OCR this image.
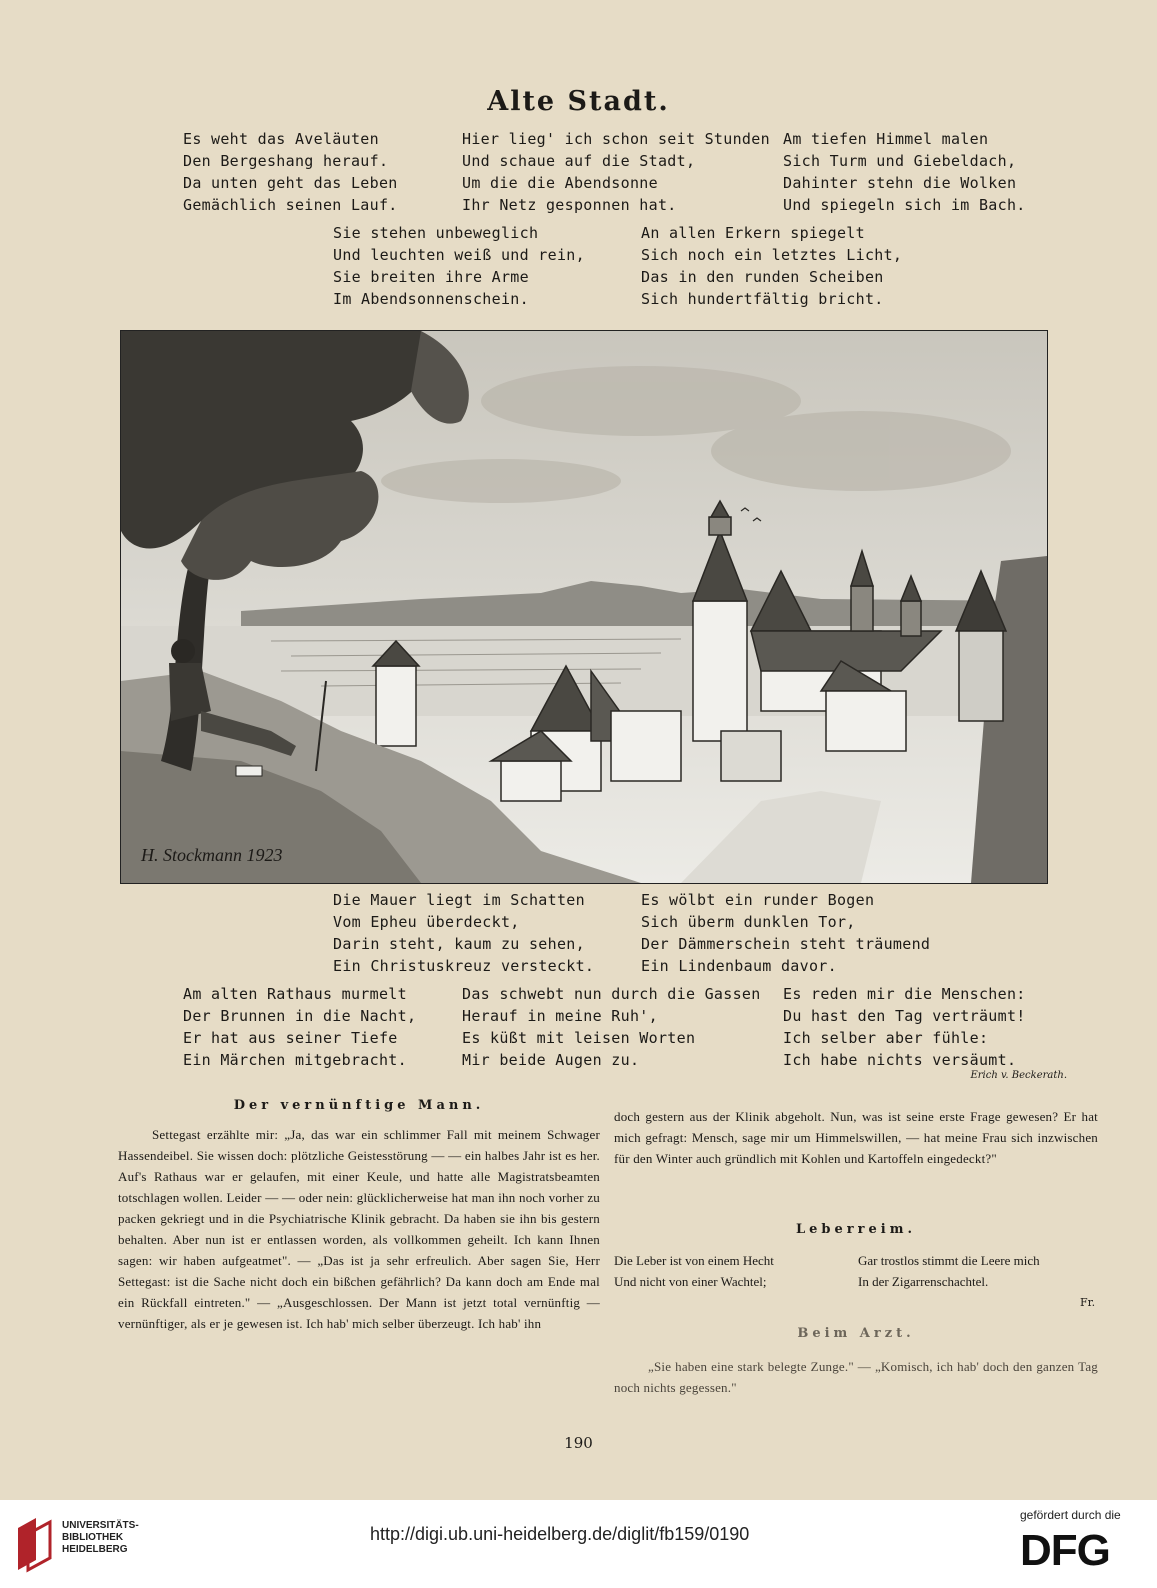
Alte Stadt.
Es weht das Aveläuten
Den Bergeshang herauf.
Da unten geht das Leben
Gemächlich seinen Lauf.
Hier lieg' ich schon seit Stunden
Und schaue auf die Stadt,
Um die die Abendsonne
Ihr Netz gesponnen hat.
Am tiefen Himmel malen
Sich Turm und Giebeldach,
Dahinter stehn die Wolken
Und spiegeln sich im Bach.
Sie stehen unbeweglich
Und leuchten weiß und rein,
Sie breiten ihre Arme
Im Abendsonnenschein.
An allen Erkern spiegelt
Sich noch ein letztes Licht,
Das in den runden Scheiben
Sich hundertfältig bricht.
H. Stockmann 1923
Die Mauer liegt im Schatten
Vom Epheu überdeckt,
Darin steht, kaum zu sehen,
Ein Christuskreuz versteckt.
Es wölbt ein runder Bogen
Sich überm dunklen Tor,
Der Dämmerschein steht träumend
Ein Lindenbaum davor.
Am alten Rathaus murmelt
Der Brunnen in die Nacht,
Er hat aus seiner Tiefe
Ein Märchen mitgebracht.
Das schwebt nun durch die Gassen
Herauf in meine Ruh',
Es küßt mit leisen Worten
Mir beide Augen zu.
Es reden mir die Menschen:
Du hast den Tag verträumt!
Ich selber aber fühle:
Ich habe nichts versäumt.
Erich v. Beckerath.
Der vernünftige Mann.

Settegast erzählte mir: „Ja, das war ein schlimmer Fall mit meinem Schwager Hassendeibel. Sie wissen doch: plötzliche Geistesstörung — — ein halbes Jahr ist es her. Auf's Rathaus war er gelaufen, mit einer Keule, und hatte alle Magistratsbeamten totschlagen wollen. Leider — — oder nein: glücklicherweise hat man ihn noch vorher zu packen gekriegt und in die Psychiatrische Klinik gebracht. Da haben sie ihn bis gestern behalten. Aber nun ist er entlassen worden, als vollkommen geheilt. Ich kann Ihnen sagen: wir haben aufgeatmet". — „Das ist ja sehr erfreulich. Aber sagen Sie, Herr Settegast: ist die Sache nicht doch ein bißchen gefährlich? Da kann doch am Ende mal ein Rückfall eintreten." — „Ausgeschlossen. Der Mann ist jetzt total vernünftig — vernünftiger, als er je gewesen ist. Ich hab' mich selber überzeugt. Ich hab' ihn

doch gestern aus der Klinik abgeholt. Nun, was ist seine erste Frage gewesen? Er hat mich gefragt: Mensch, sage mir um Himmelswillen, — hat meine Frau sich inzwischen für den Winter auch gründlich mit Kohlen und Kartoffeln eingedeckt?"

Leberreim.
Die Leber ist von einem Hecht
Und nicht von einer Wachtel;
Gar trostlos stimmt die Leere mich
In der Zigarrenschachtel.
Fr.
Beim Arzt.

„Sie haben eine stark belegte Zunge." — „Komisch, ich hab' doch den ganzen Tag noch nichts gegessen."

190
UNIVERSITÄTS-
BIBLIOTHEK
HEIDELBERG
http://digi.ub.uni-heidelberg.de/diglit/fb159/0190
gefördert durch die
DFG
